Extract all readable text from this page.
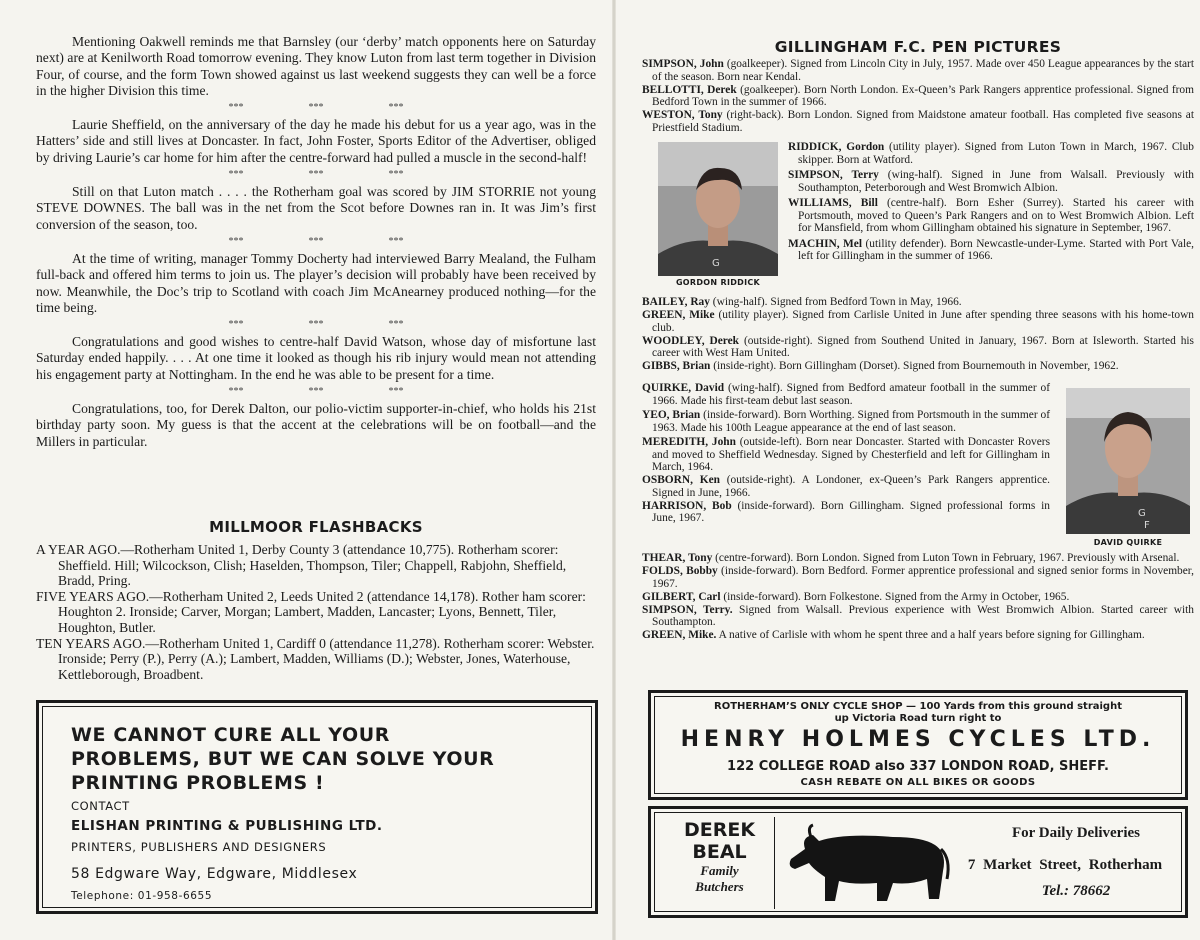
Mentioning Oakwell reminds me that Barnsley (our ‘derby’ match opponents here on Saturday next) are at Kenilworth Road tomorrow evening. They know Luton from last term together in Division Four, of course, and the form Town showed against us last weekend suggests they can well be a force in the higher Division this time.

***	***	***

Laurie Sheffield, on the anniversary of the day he made his debut for us a year ago, was in the Hatters’ side and still lives at Doncaster. In fact, John Foster, Sports Editor of the Advertiser, obliged by driving Laurie’s car home for him after the centre-forward had pulled a muscle in the second-half!

***	***	***

Still on that Luton match . . . . the Rotherham goal was scored by JIM STORRIE not young STEVE DOWNES. The ball was in the net from the Scot before Downes ran in. It was Jim’s first conversion of the season, too.

***	***	***

At the time of writing, manager Tommy Docherty had interviewed Barry Mealand, the Fulham full-back and offered him terms to join us. The player’s decision will probably have been received by now. Meanwhile, the Doc’s trip to Scotland with coach Jim McAnearney produced nothing—for the time being.

***	***	***

Congratulations and good wishes to centre-half David Watson, whose day of misfortune last Saturday ended happily. . . . At one time it looked as though his rib injury would mean not attending his engagement party at Nottingham. In the end he was able to be present for a time.

***	***	***

Congratulations, too, for Derek Dalton, our polio-victim supporter-in-chief, who holds his 21st birthday party soon. My guess is that the accent at the celebrations will be on football—and the Millers in particular.

MILLMOOR FLASHBACKS

A YEAR AGO.—Rotherham United 1, Derby County 3 (attendance 10,775). Rotherham scorer: Sheffield. Hill; Wilcockson, Clish; Haselden, Thompson, Tiler; Chappell, Rabjohn, Sheffield, Bradd, Pring.

FIVE YEARS AGO.—Rotherham United 2, Leeds United 2 (attendance 14,178). Rother ham scorer: Houghton 2. Ironside; Carver, Morgan; Lambert, Madden, Lancaster; Lyons, Bennett, Tiler, Houghton, Butler.

TEN YEARS AGO.—Rotherham United 1, Cardiff 0 (attendance 11,278). Rotherham scorer: Webster. Ironside; Perry (P.), Perry (A.); Lambert, Madden, Williams (D.); Webster, Jones, Waterhouse, Kettleborough, Broadbent.

WE CANNOT CURE ALL YOUR
PROBLEMS, BUT WE CAN SOLVE YOUR
PRINTING PROBLEMS !
CONTACT
ELISHAN PRINTING & PUBLISHING LTD.
PRINTERS, PUBLISHERS AND DESIGNERS
58 Edgware Way, Edgware, Middlesex
Telephone: 01-958-6655
GILLINGHAM F.C. PEN PICTURES

SIMPSON, John (goalkeeper). Signed from Lincoln City in July, 1957. Made over 450 League appearances by the start of the season. Born near Kendal.

BELLOTTI, Derek (goalkeeper). Born North London. Ex-Queen’s Park Rangers apprentice professional. Signed from Bedford Town in the summer of 1966.

WESTON, Tony (right-back). Born London. Signed from Maidstone amateur football. Has completed five seasons at Priestfield Stadium.

G
GORDON RIDDICK

RIDDICK, Gordon (utility player). Signed from Luton Town in March, 1967. Club skipper. Born at Watford.

SIMPSON, Terry (wing-half). Signed in June from Walsall. Previously with Southampton, Peterborough and West Bromwich Albion.

WILLIAMS, Bill (centre-half). Born Esher (Surrey). Started his career with Portsmouth, moved to Queen’s Park Rangers and on to West Bromwich Albion. Left for Mansfield, from whom Gillingham obtained his signature in September, 1967.

MACHIN, Mel (utility defender). Born Newcastle-under-Lyme. Started with Port Vale, left for Gillingham in the summer of 1966.

BAILEY, Ray (wing-half). Signed from Bedford Town in May, 1966.

GREEN, Mike (utility player). Signed from Carlisle United in June after spending three seasons with his home-town club.

WOODLEY, Derek (outside-right). Signed from Southend United in January, 1967. Born at Isleworth. Started his career with West Ham United.

GIBBS, Brian (inside-right). Born Gillingham (Dorset). Signed from Bournemouth in November, 1962.

QUIRKE, David (wing-half). Signed from Bedford amateur football in the summer of 1966. Made his first-team debut last season.

YEO, Brian (inside-forward). Born Worthing. Signed from Portsmouth in the summer of 1963. Made his 100th League appearance at the end of last season.

MEREDITH, John (outside-left). Born near Doncaster. Started with Doncaster Rovers and moved to Sheffield Wednesday. Signed by Chesterfield and left for Gillingham in March, 1964.

OSBORN, Ken (outside-right). A Londoner, ex-Queen’s Park Rangers apprentice. Signed in June, 1966.

HARRISON, Bob (inside-forward). Born Gillingham. Signed professional forms in June, 1967.	G
F
DAVID QUIRKE

THEAR, Tony (centre-forward). Born London. Signed from Luton Town in February, 1967. Previously with Arsenal.

FOLDS, Bobby (inside-forward). Born Bedford. Former apprentice professional and signed senior forms in November, 1967.

GILBERT, Carl (inside-forward). Born Folkestone. Signed from the Army in October, 1965.

SIMPSON, Terry. Signed from Walsall. Previous experience with West Bromwich Albion. Started career with Southampton.

GREEN, Mike. A native of Carlisle with whom he spent three and a half years before signing for Gillingham.

ROTHERHAM’S ONLY CYCLE SHOP — 100 Yards from this ground straight up Victoria Road turn right to
HENRY HOLMES CYCLES LTD.
122 COLLEGE ROAD also 337 LONDON ROAD, SHEFF.
CASH REBATE ON ALL BIKES OR GOODS
DEREK
BEAL
Family
Butchers
For Daily Deliveries
7 Market Street, Rotherham
Tel.: 78662
